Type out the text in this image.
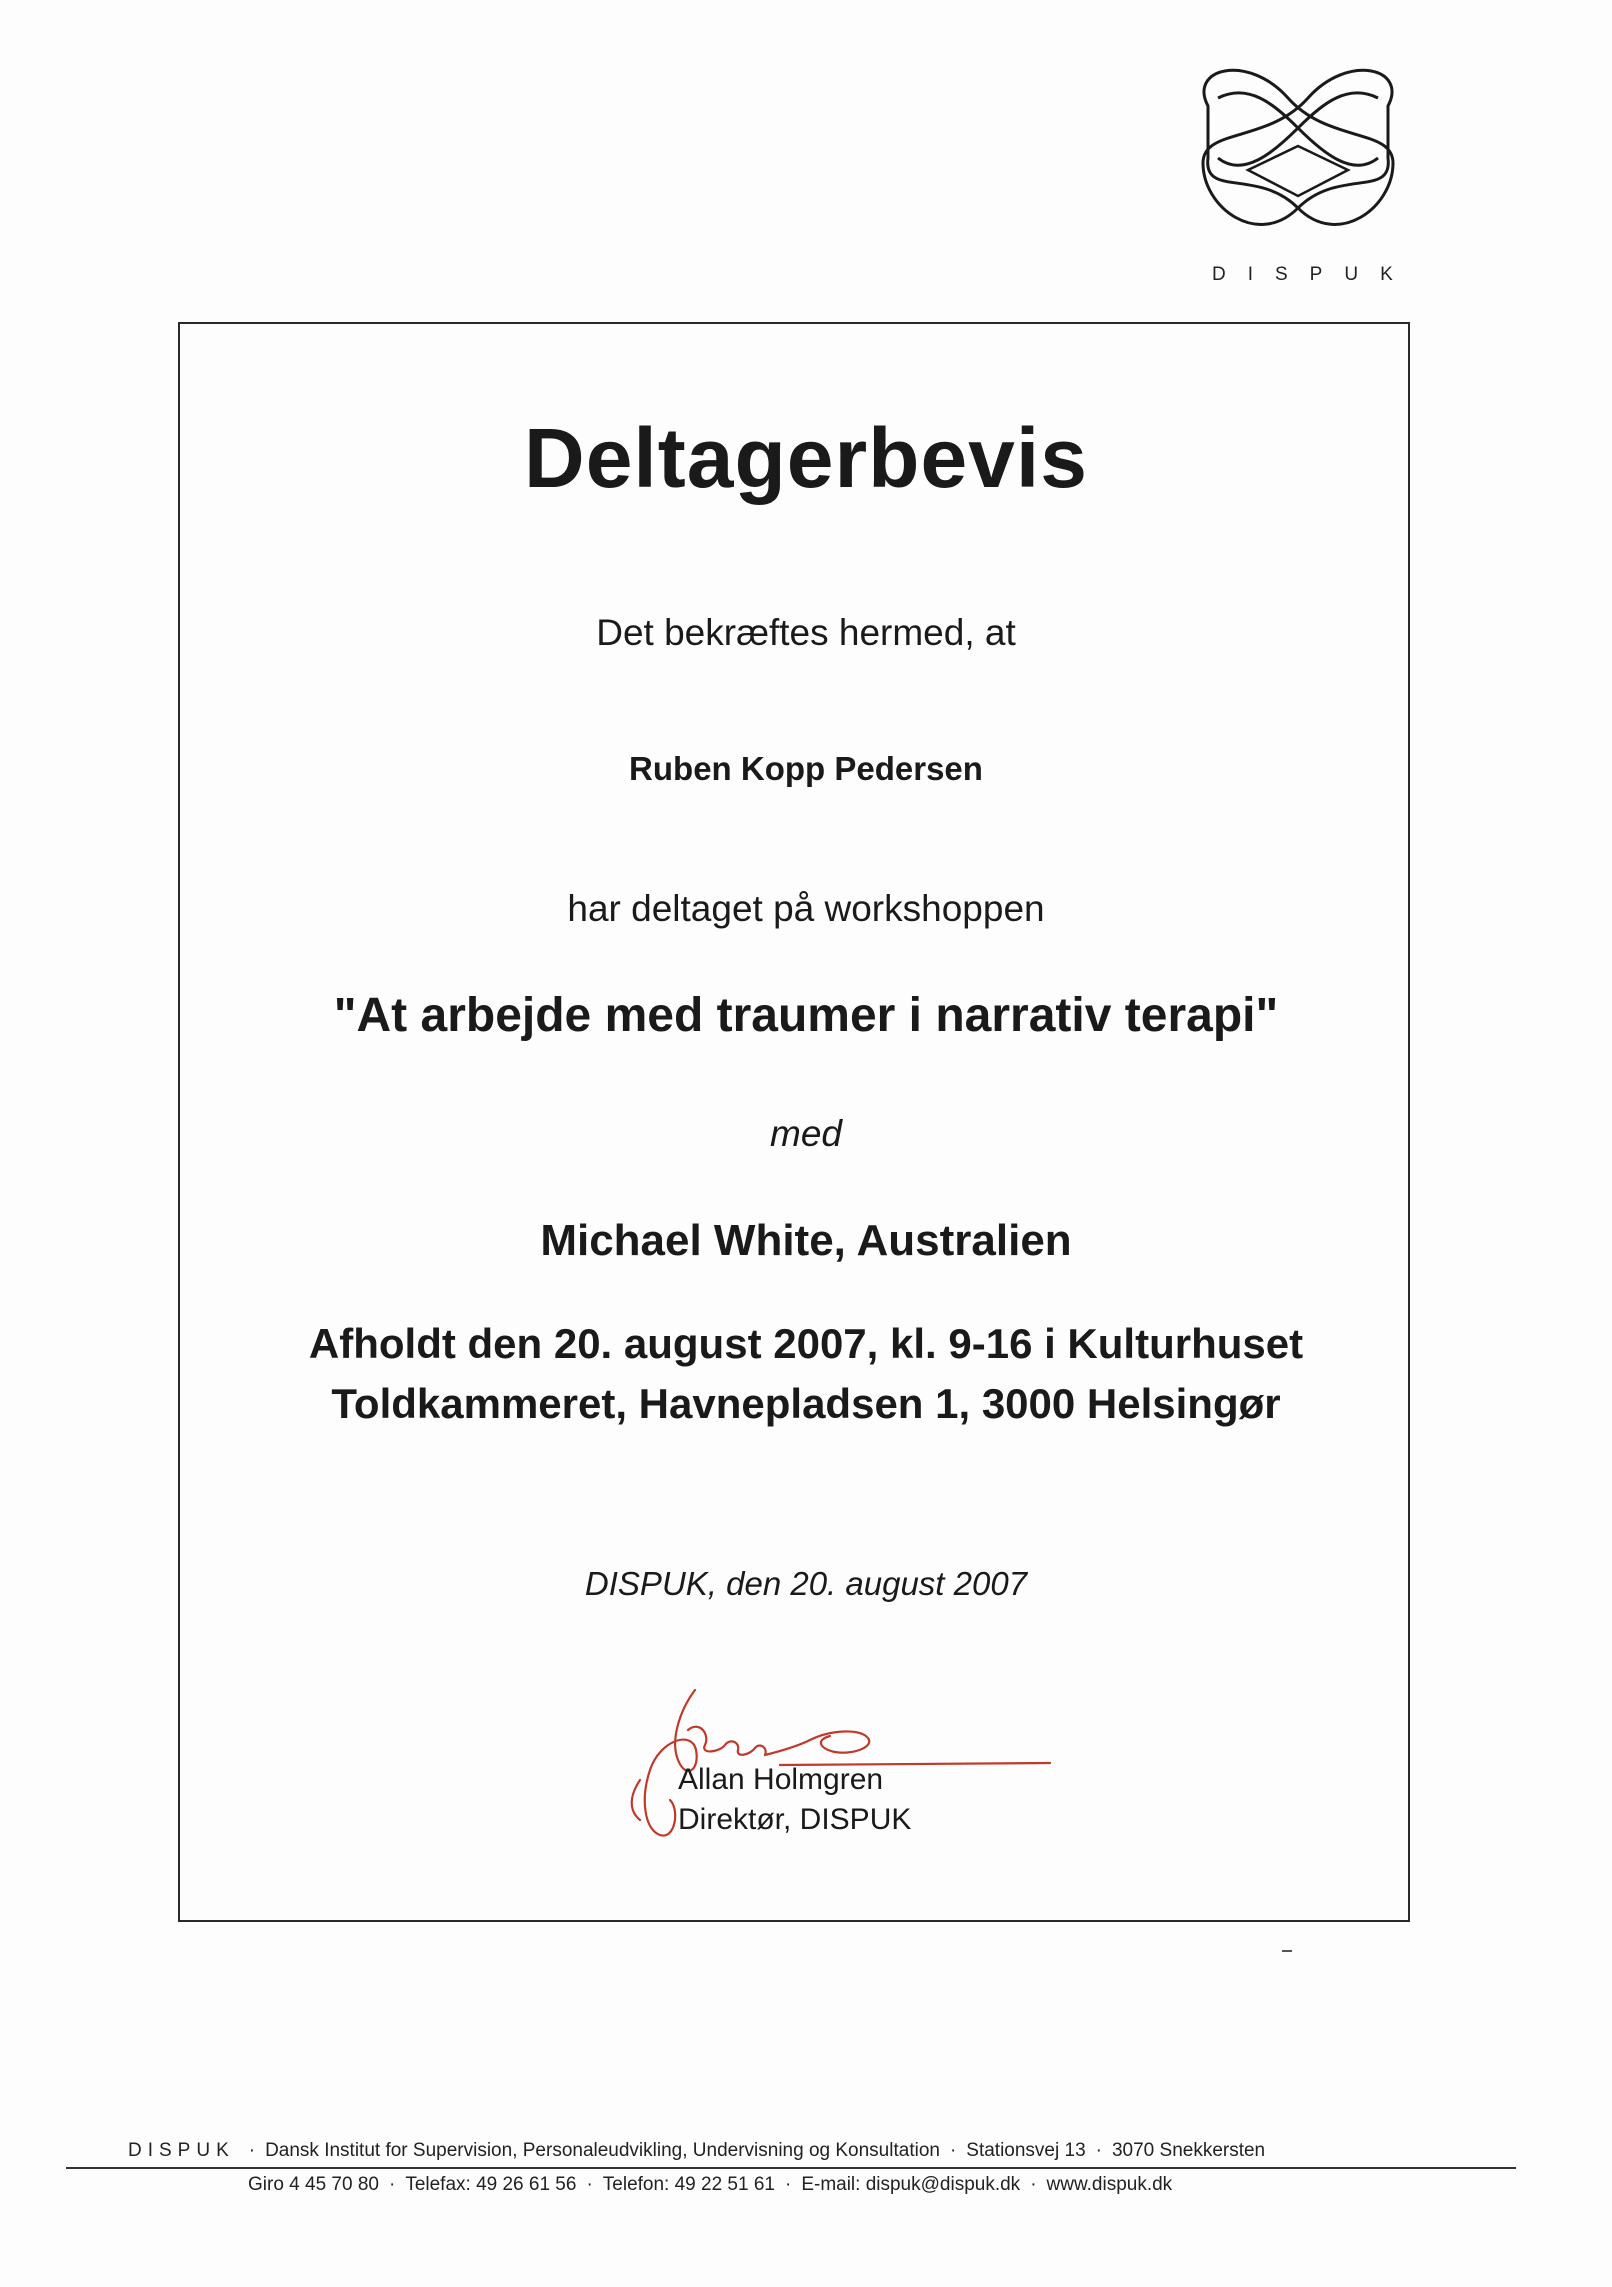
DISPUK
Deltagerbevis
Det bekræftes hermed, at
Ruben Kopp Pedersen
har deltaget på workshoppen
"At arbejde med traumer i narrativ terapi"
med
Michael White, Australien
Afholdt den 20. august 2007, kl. 9-16 i Kulturhuset
Toldkammeret, Havnepladsen 1, 3000 Helsingør
DISPUK, den 20. august 2007
Allan Holmgren
Direktør, DISPUK
DISPUK · Dansk Institut for Supervision, Personaleudvikling, Undervisning og Konsultation · Stationsvej 13 · 3070 Snekkersten
Giro 4 45 70 80 · Telefax: 49 26 61 56 · Telefon: 49 22 51 61 · E-mail: dispuk@dispuk.dk · www.dispuk.dk
